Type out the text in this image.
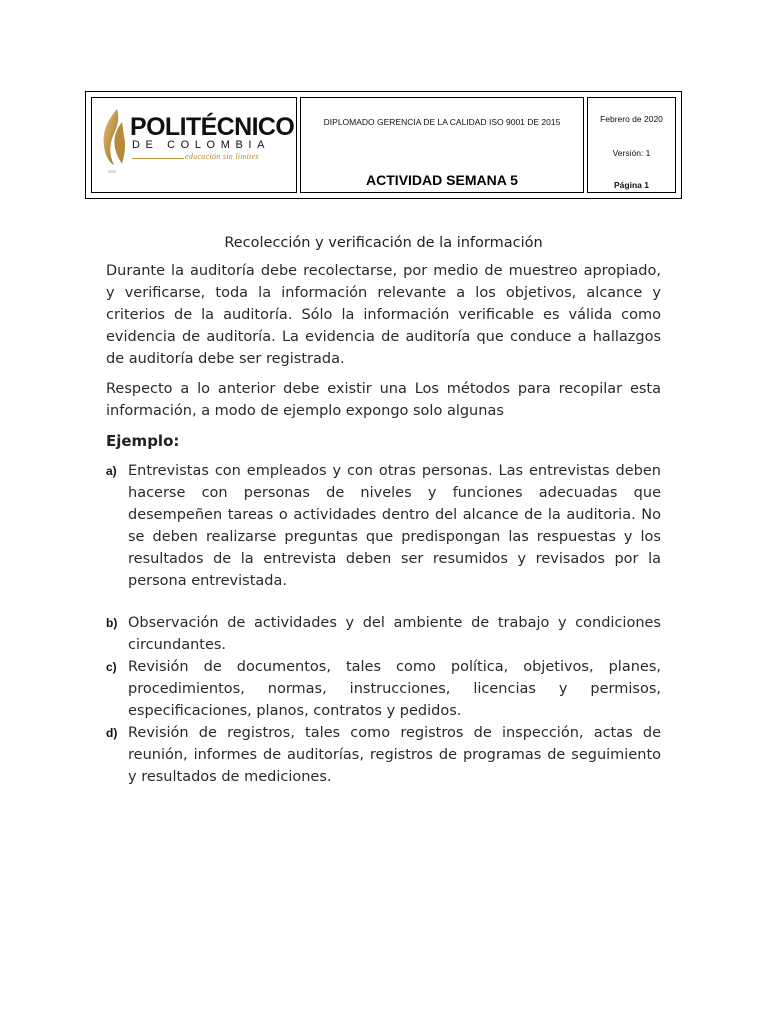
POLITÉCNICO
DE COLOMBIA
educación sin límites
DIPLOMADO GERENCIA DE LA CALIDAD ISO 9001 DE 2015
ACTIVIDAD SEMANA 5
Febrero de 2020
Versión: 1
Página 1
Recolección y verificación de la información

Durante la auditoría debe recolectarse, por medio de muestreo apropiado, y verificarse, toda la información relevante a los objetivos, alcance y criterios de la auditoría. Sólo la información verificable es válida como evidencia de auditoría. La evidencia de auditoría que conduce a hallazgos de auditoría debe ser registrada.

Respecto a lo anterior debe existir una Los métodos para recopilar esta información, a modo de ejemplo expongo solo algunas

Ejemplo:
a) Entrevistas con empleados y con otras personas. Las entrevistas deben hacerse con personas de niveles y funciones adecuadas que desempeñen tareas o actividades dentro del alcance de la auditoria. No se deben realizarse preguntas que predispongan las respuestas y los resultados de la entrevista deben ser resumidos y revisados por la persona entrevistada.
b) Observación de actividades y del ambiente de trabajo y condiciones circundantes.
c) Revisión de documentos, tales como política, objetivos, planes, procedimientos, normas, instrucciones, licencias y permisos, especificaciones, planos, contratos y pedidos.
d) Revisión de registros, tales como registros de inspección, actas de reunión, informes de auditorías, registros de programas de seguimiento y resultados de mediciones.
